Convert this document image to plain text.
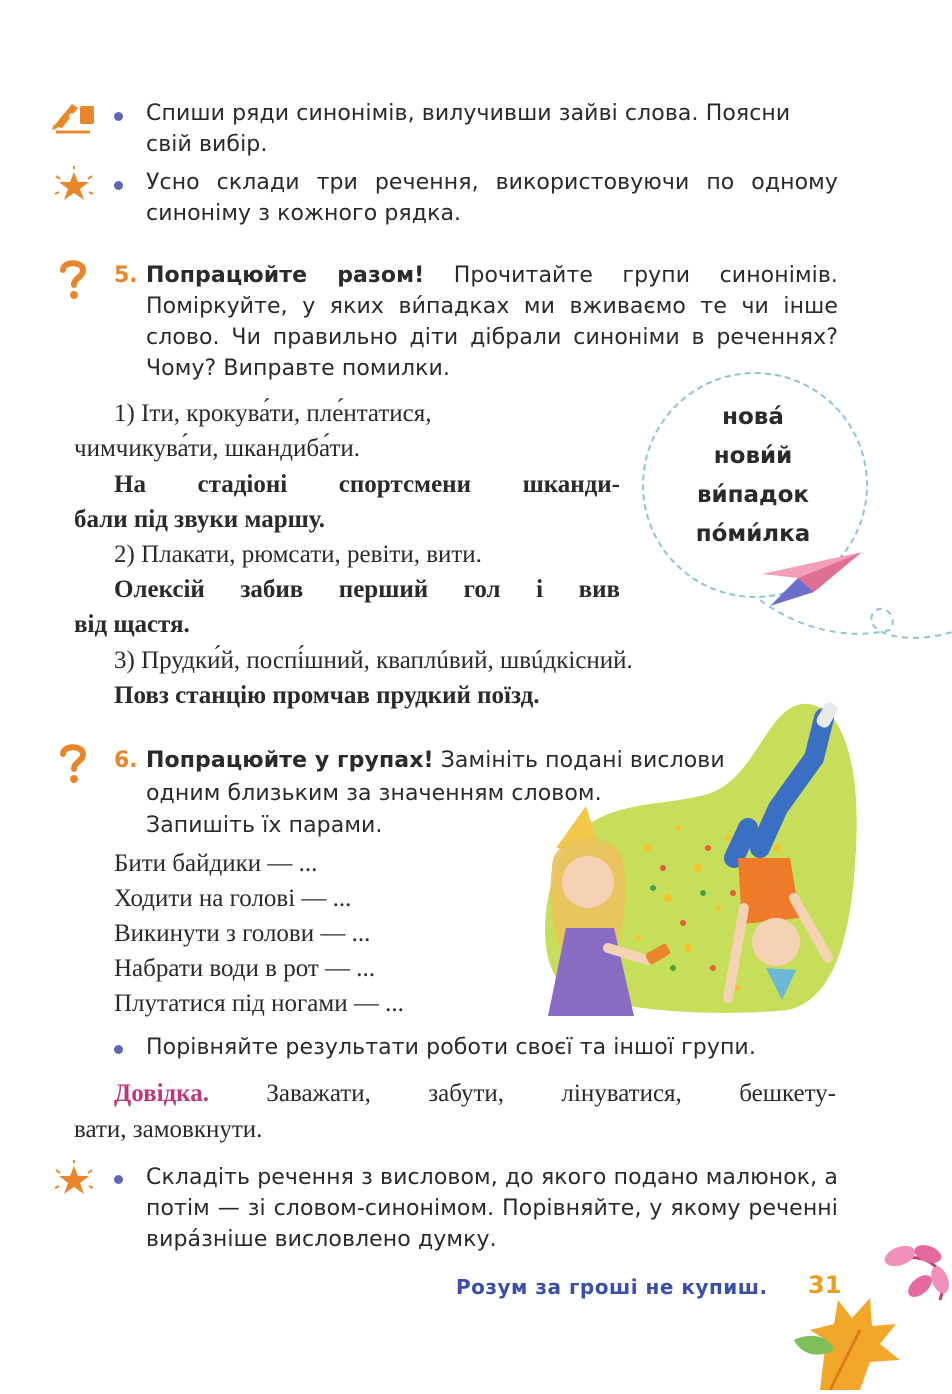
Спиши ряди синонімів, вилучивши зайві слова. Поясни свій вибір.
Усно склади три речення, використовуючи по одному синоніму з кожного рядка.
5. Попрацюйте разом! Прочитайте групи синонімів. Поміркуйте, у яких ви́падках ми вживаємо те чи інше слово. Чи правильно діти дібрали синоніми в реченнях? Чому? Виправте помилки.
1) Іти, крокува́ти, пле́нтатися,
чимчикува́ти, шкандиба́ти.
На стадіоні спортсмени шканди-
бали під звуки маршу.
2) Плакати, рюмсати, ревіти, вити.
Олексій забив перший гол і вив
від щастя.
3) Прудки́й, поспі́шний, кваплúвий, швúдкісний.
Повз станцію промчав прудкий поїзд.
нова́
нови́й
ви́падок
по́ми́лка
6. Попрацюйте у групах! Замініть подані вислови
одним близьким за значенням словом.
Запишіть їх парами.
Бити байдики — ...
Ходити на голові — ...
Викинути з голови — ...
Набрати води в рот — ...
Плутатися під ногами — ...
Порівняйте результати роботи своєї та іншої групи.
Довідка. Заважати, забути, лінуватися, бешкету-
вати, замовкнути.
Складіть речення з висловом, до якого подано малюнок, а потім — зі словом-синонімом. Порівняйте, у якому реченні вира́зніше висловлено думку.
Розум за гроші не купиш. 31
